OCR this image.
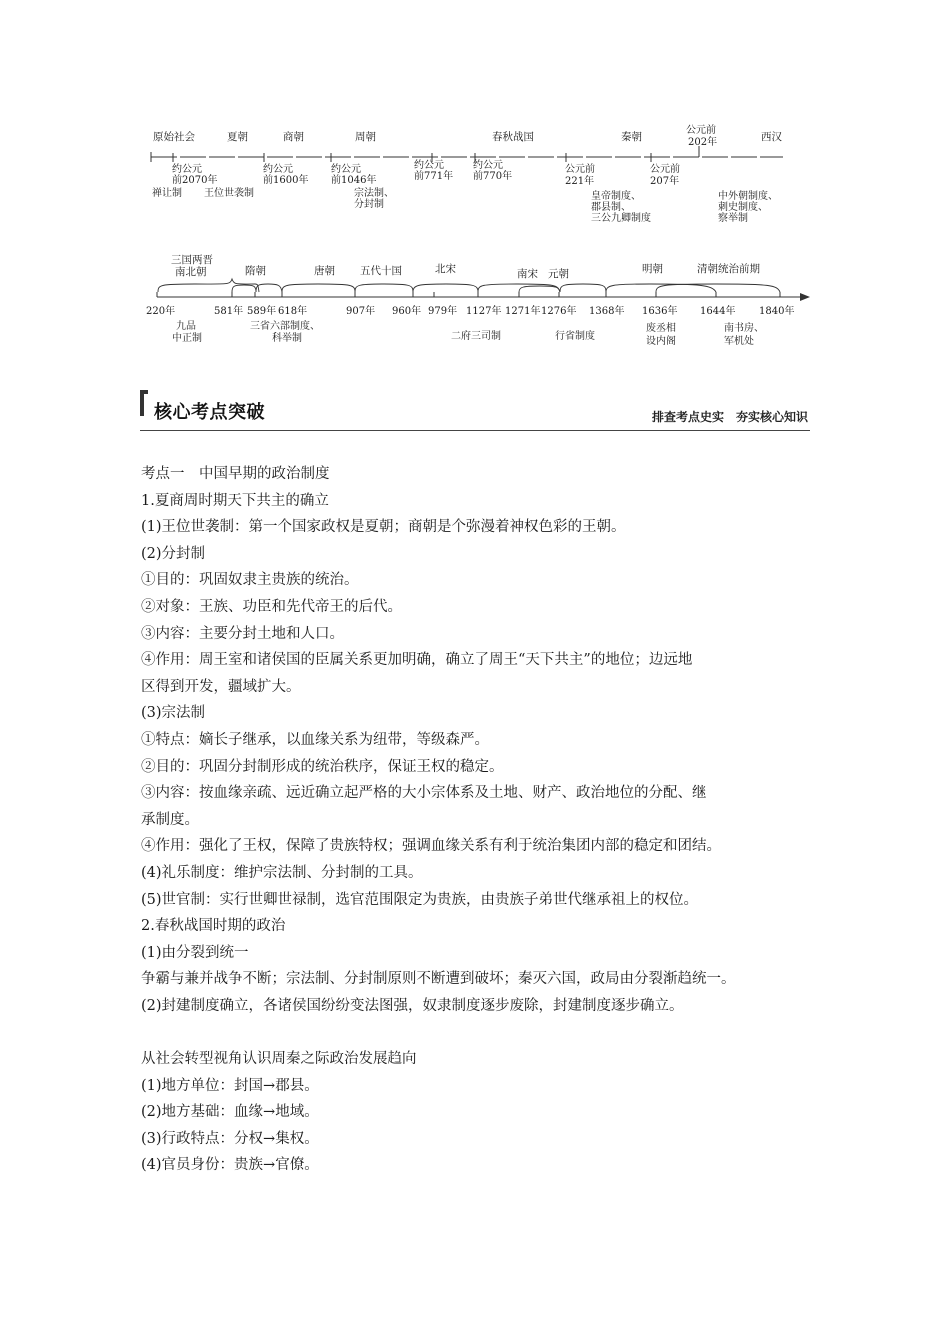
原始社会	夏朝	商朝	周朝	春秋战国	秦朝
公元前
202年	西汉
约公元
前2070年
约公元
前1600年
约公元
前1046年
约公元
前771年
约公元
前770年
公元前
221年
公元前
207年
禅让制 王位世袭制	宗法制、
分封制
皇帝制度、
郡县制、
三公九卿制度
中外朝制度、
刺史制度、
察举制
三国两晋
南北朝	隋朝	唐朝 五代十国	北宋	南宋 元朝	明朝	清朝统治前期
220年	581年 589年 618年	907年 960年 979年 1127年 1271年 1276年 1368年 1636年 1644年 1840年
九品
中正制
三省六部制度、
科举制	二府三司制	行省制度
废丞相
设内阁
南书房、
军机处
核心考点突破	排查考点史实　夯实核心知识
考点一　中国早期的政治制度
1.夏商周时期天下共主的确立
(1)王位世袭制：第一个国家政权是夏朝；商朝是个弥漫着神权色彩的王朝。
(2)分封制
①目的：巩固奴隶主贵族的统治。
②对象：王族、功臣和先代帝王的后代。
③内容：主要分封土地和人口。
④作用：周王室和诸侯国的臣属关系更加明确，确立了周王“天下共主”的地位；边远地
区得到开发，疆域扩大。
(3)宗法制
①特点：嫡长子继承，以血缘关系为纽带，等级森严。
②目的：巩固分封制形成的统治秩序，保证王权的稳定。
③内容：按血缘亲疏、远近确立起严格的大小宗体系及土地、财产、政治地位的分配、继
承制度。
④作用：强化了王权，保障了贵族特权；强调血缘关系有利于统治集团内部的稳定和团结。
(4)礼乐制度：维护宗法制、分封制的工具。
(5)世官制：实行世卿世禄制，选官范围限定为贵族，由贵族子弟世代继承祖上的权位。
2.春秋战国时期的政治
(1)由分裂到统一
争霸与兼并战争不断；宗法制、分封制原则不断遭到破坏；秦灭六国，政局由分裂渐趋统一。
(2)封建制度确立，各诸侯国纷纷变法图强，奴隶制度逐步废除，封建制度逐步确立。
从社会转型视角认识周秦之际政治发展趋向
(1)地方单位：封国→郡县。
(2)地方基础：血缘→地域。
(3)行政特点：分权→集权。
(4)官员身份：贵族→官僚。
